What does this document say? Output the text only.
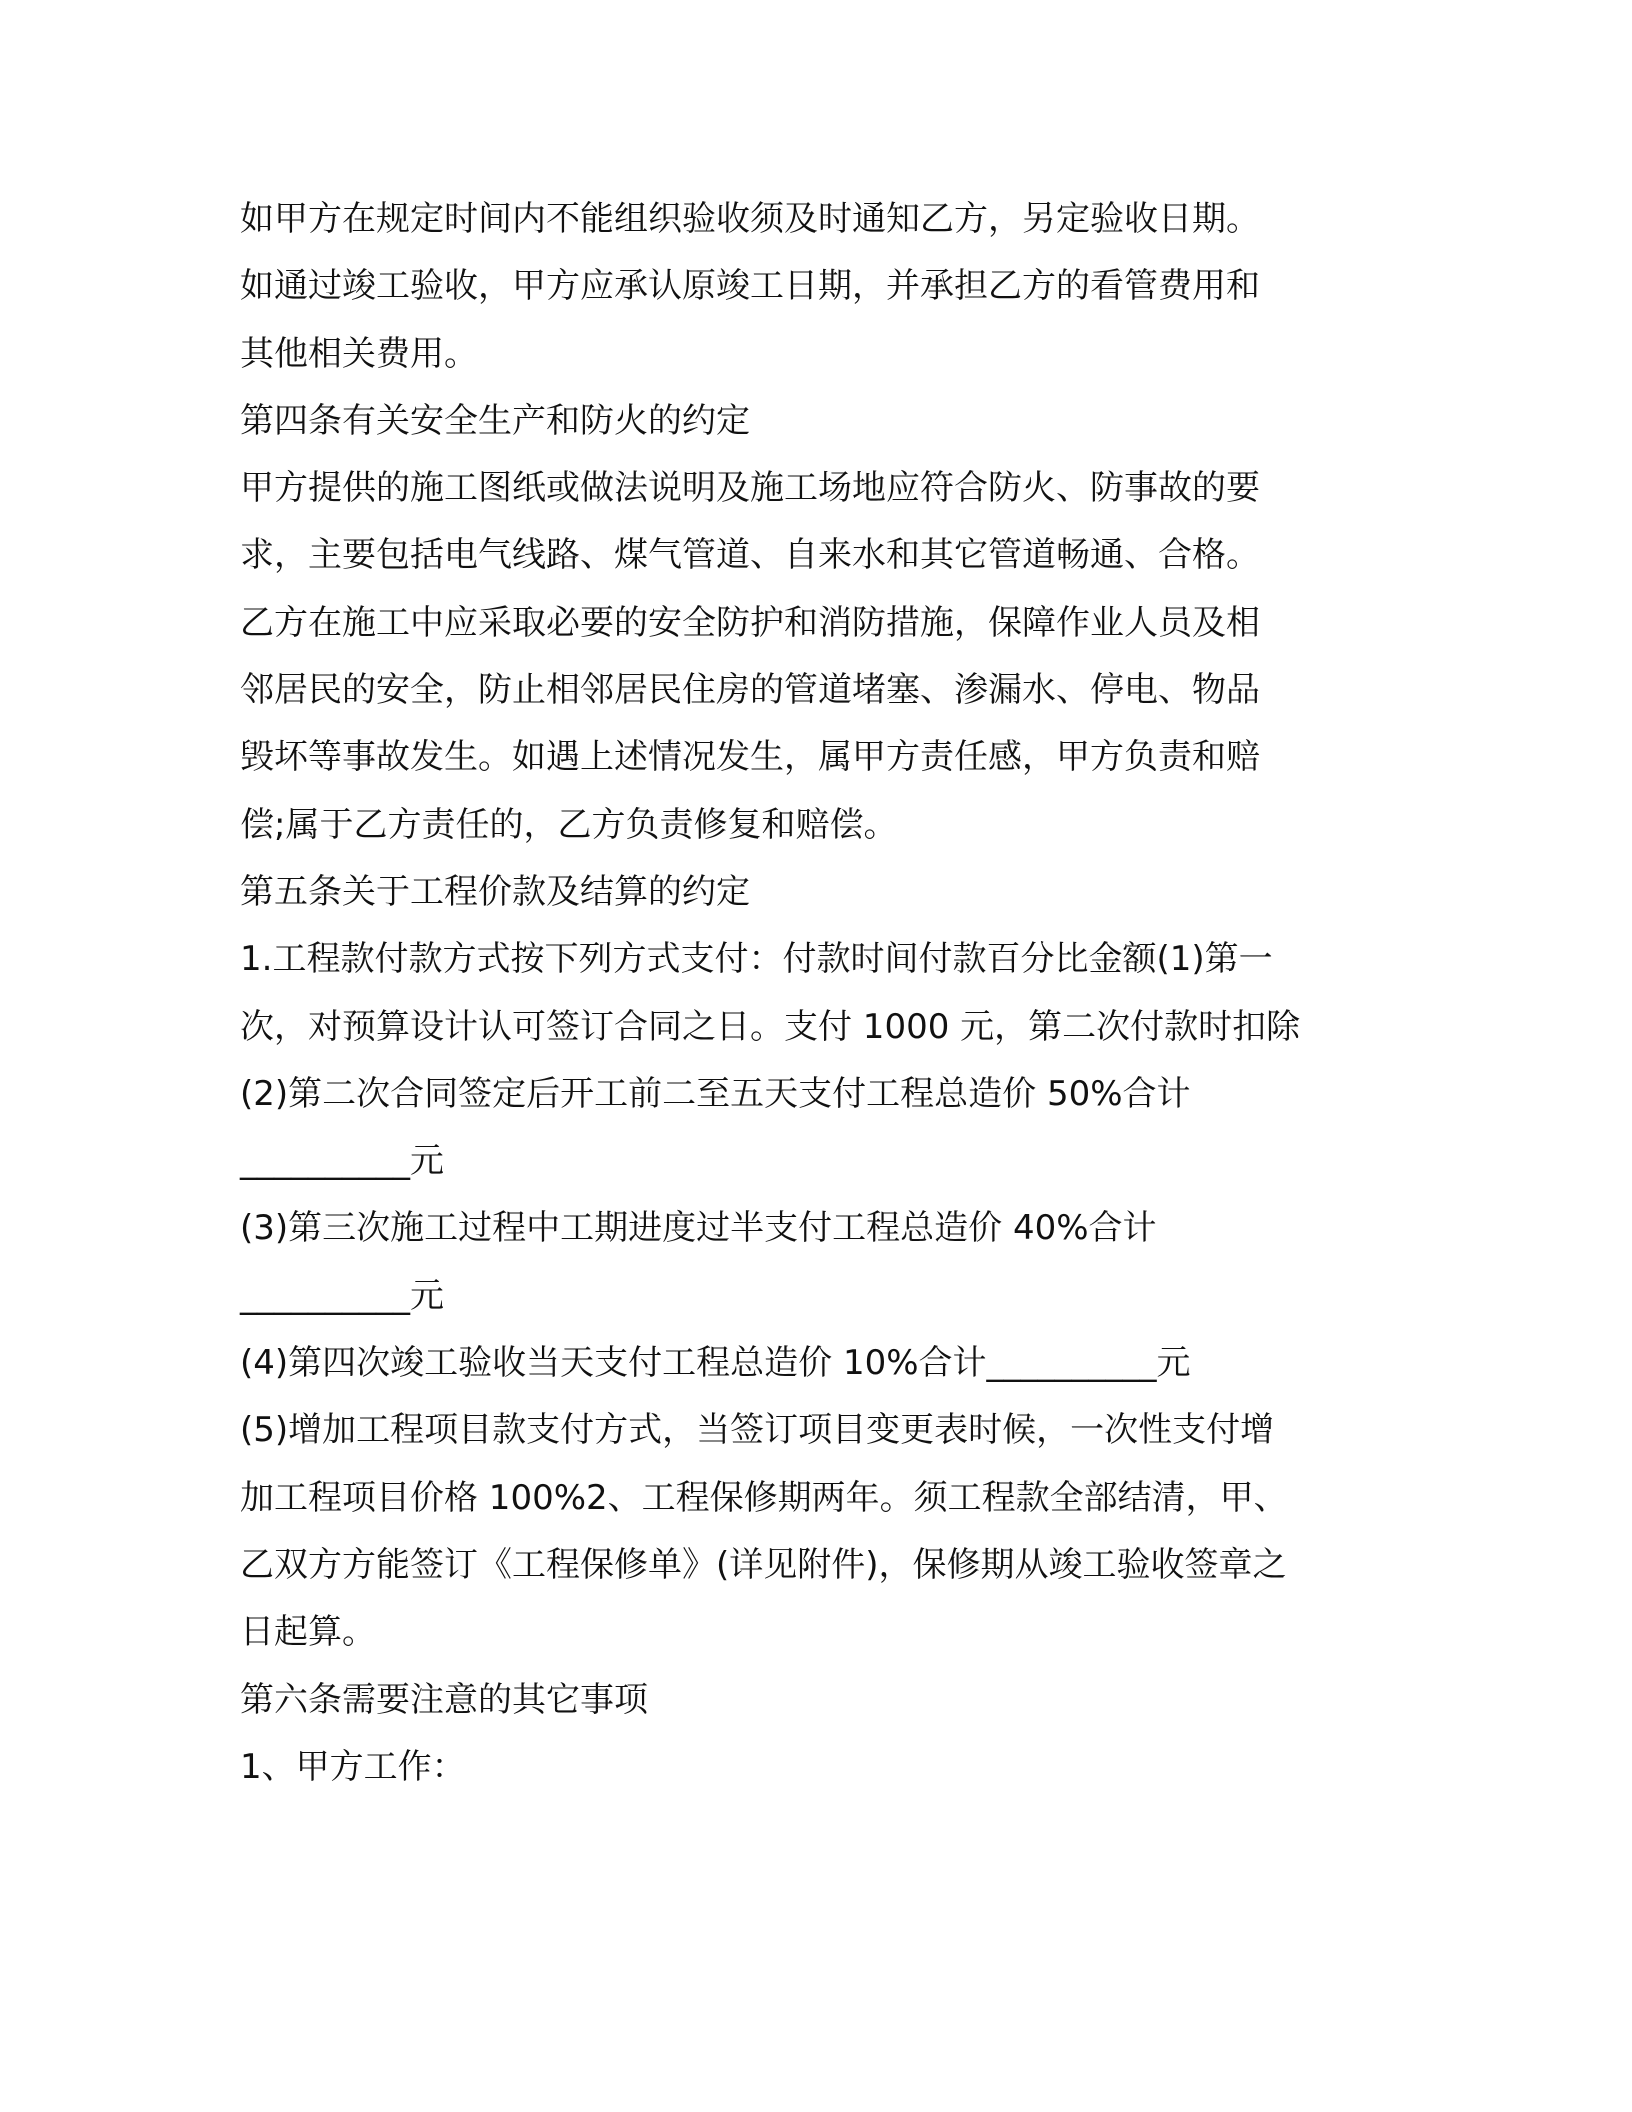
如甲方在规定时间内不能组织验收须及时通知乙方，另定验收日期。

如通过竣工验收，甲方应承认原竣工日期，并承担乙方的看管费用和

其他相关费用。

第四条有关安全生产和防火的约定

甲方提供的施工图纸或做法说明及施工场地应符合防火、防事故的要

求，主要包括电气线路、煤气管道、自来水和其它管道畅通、合格。

乙方在施工中应采取必要的安全防护和消防措施，保障作业人员及相

邻居民的安全，防止相邻居民住房的管道堵塞、渗漏水、停电、物品

毁坏等事故发生。如遇上述情况发生，属甲方责任感，甲方负责和赔

偿;属于乙方责任的，乙方负责修复和赔偿。

第五条关于工程价款及结算的约定

1.工程款付款方式按下列方式支付：付款时间付款百分比金额(1)第一

次，对预算设计认可签订合同之日。支付 1000 元，第二次付款时扣除

(2)第二次合同签定后开工前二至五天支付工程总造价 50%合计

__________元

(3)第三次施工过程中工期进度过半支付工程总造价 40%合计

__________元

(4)第四次竣工验收当天支付工程总造价 10%合计__________元

(5)增加工程项目款支付方式，当签订项目变更表时候，一次性支付增

加工程项目价格 100%2、工程保修期两年。须工程款全部结清，甲、

乙双方方能签订《工程保修单》(详见附件)，保修期从竣工验收签章之

日起算。

第六条需要注意的其它事项

1、甲方工作：
